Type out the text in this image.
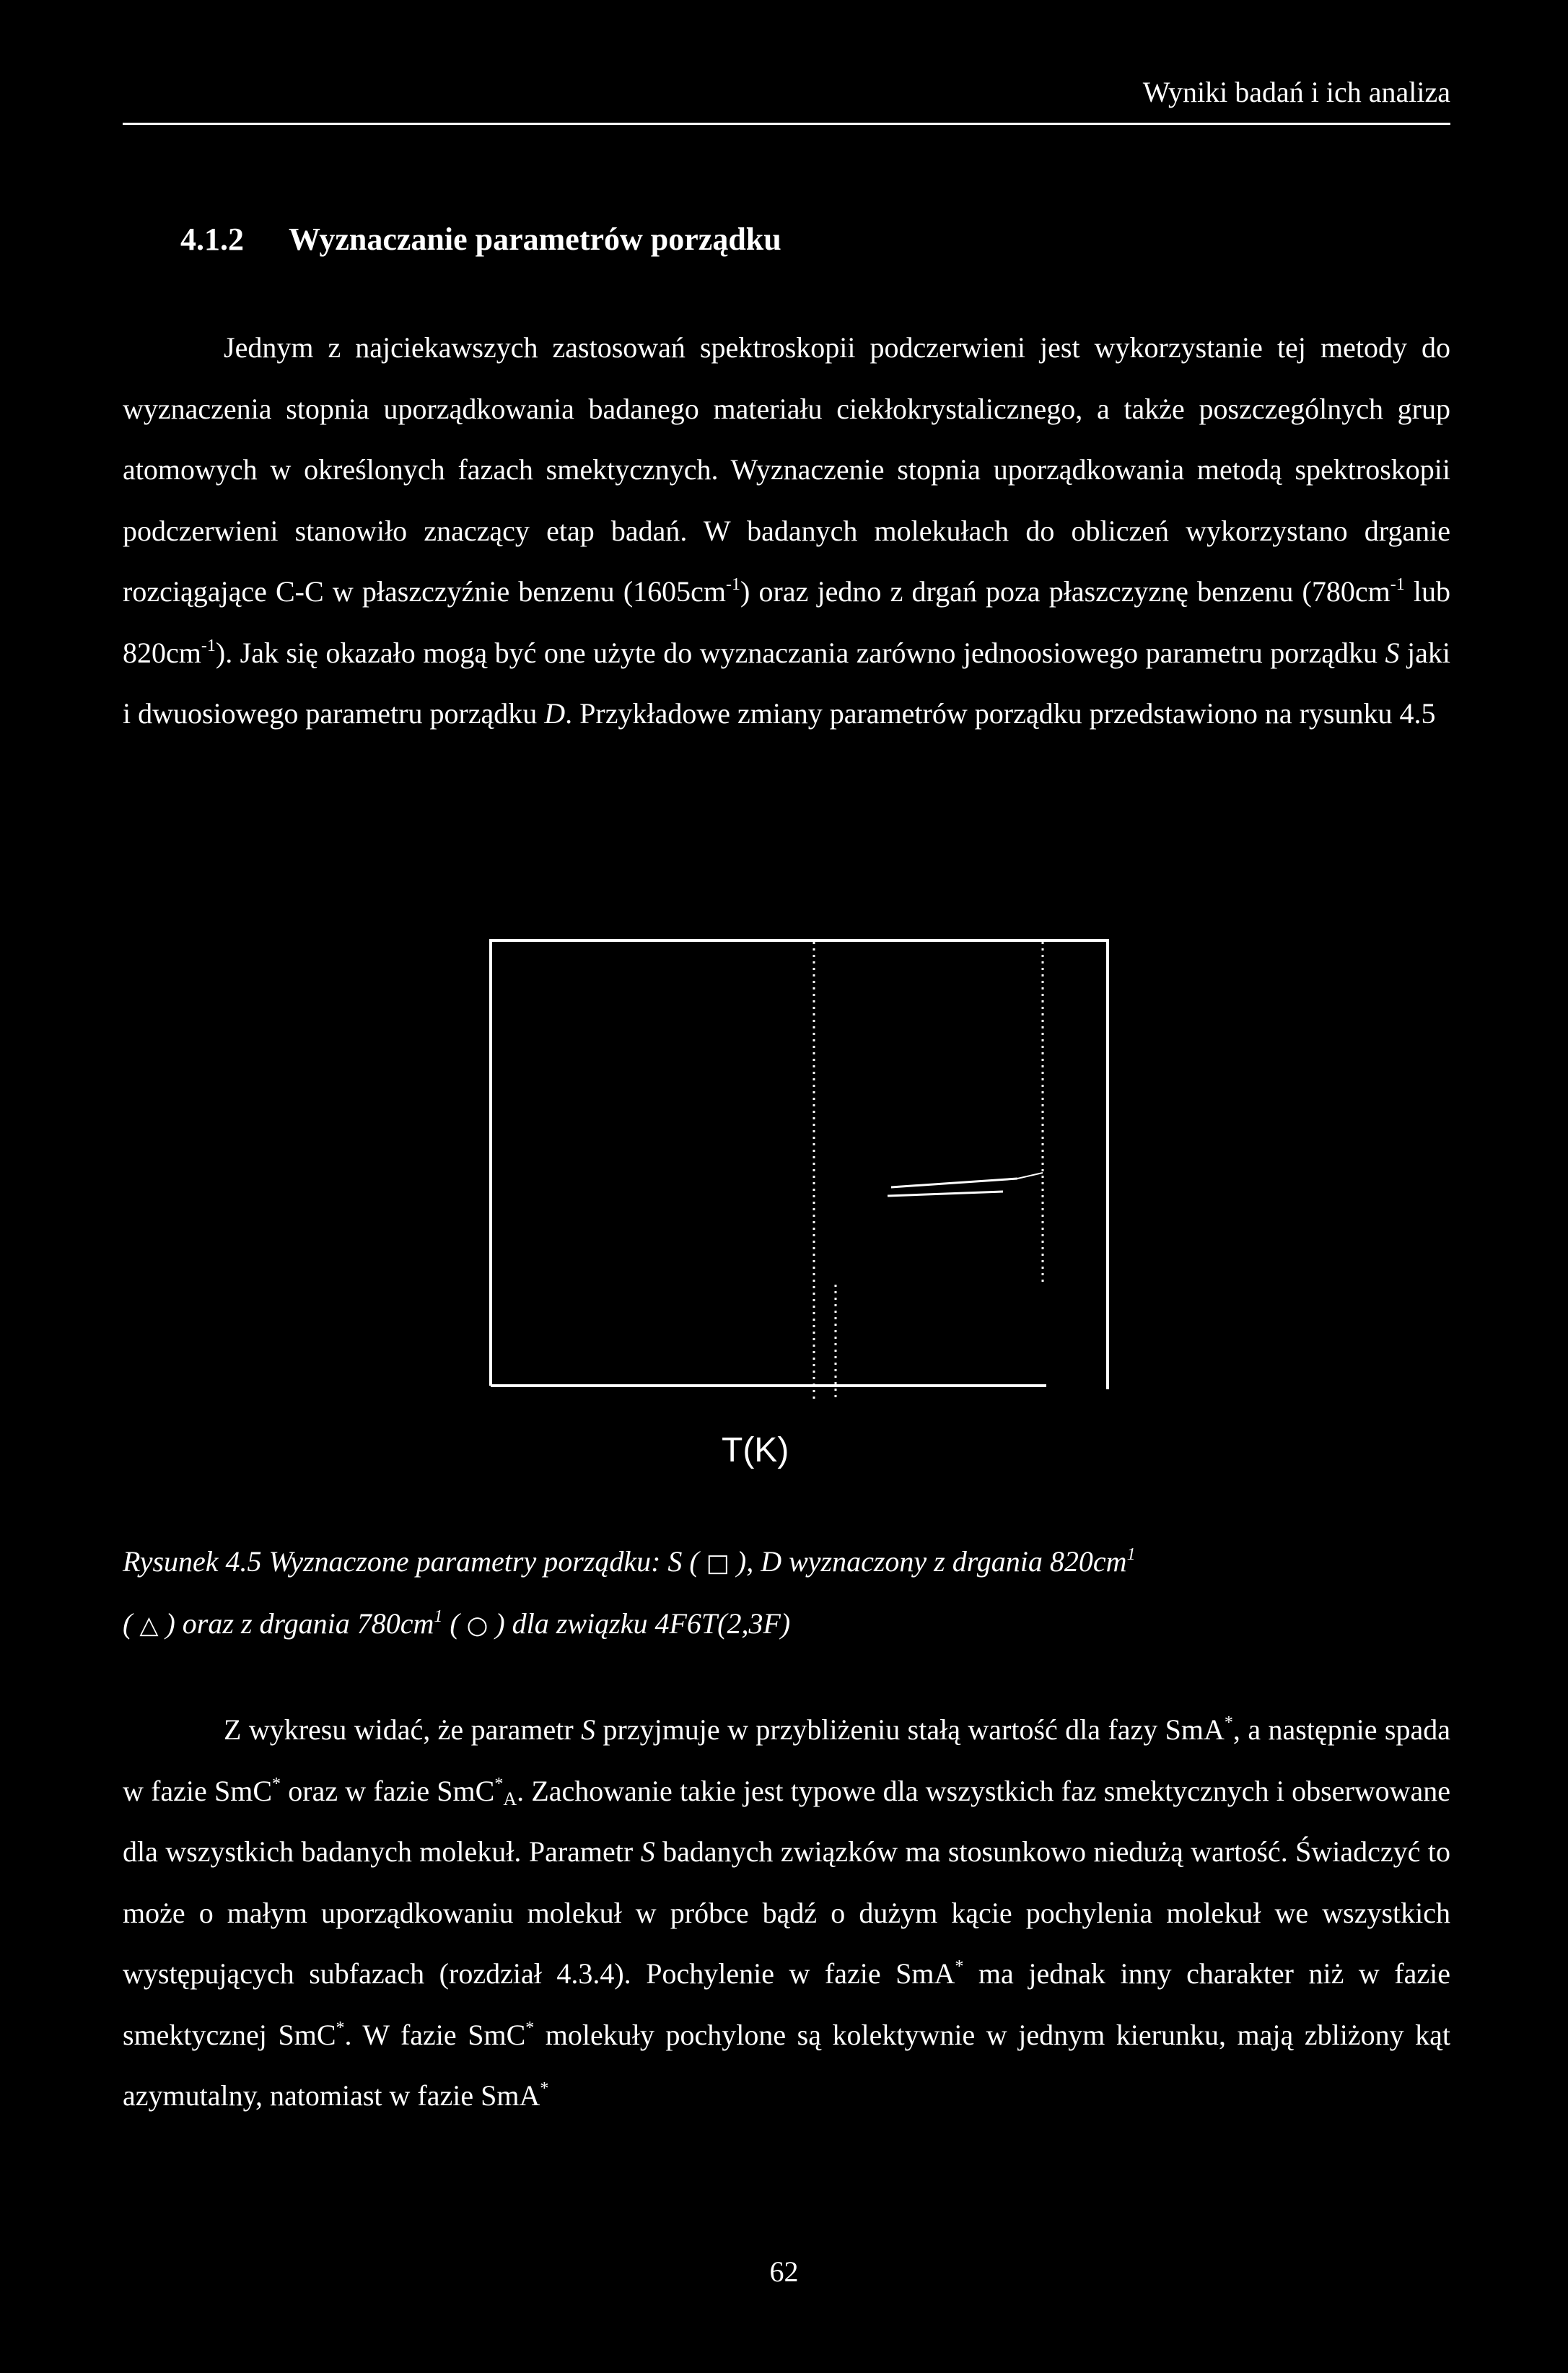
Wyniki badań i ich analiza
4.1.2 Wyznaczanie parametrów porządku

Jednym z najciekawszych zastosowań spektroskopii podczerwieni jest wykorzystanie tej metody do wyznaczenia stopnia uporządkowania badanego materiału ciekłokrystalicznego, a także poszczególnych grup atomowych w określonych fazach smektycznych. Wyznaczenie stopnia uporządkowania metodą spektroskopii podczerwieni stanowiło znaczący etap badań. W badanych molekułach do obliczeń wykorzystano drganie rozciągające C-C w płaszczyźnie benzenu $(1605cm^{-1})$ oraz jedno z drgań poza płaszczyznę benzenu ($780cm^{-1}$ lub $820cm^{-1}$). Jak się okazało mogą być one użyte do wyznaczania zarówno jednoosiowego parametru porządku S jaki i dwuosiowego parametru porządku D. Przykładowe zmiany parametrów porządku przedstawiono na rysunku 4.5

T(K)
Rysunek 4.5 Wyznaczone parametry porządku: S ( □ ), D wyznaczony z drgania $820cm^1$
( △ ) oraz z drgania $780cm^1$ ( ○ ) dla związku 4F6T(2,3F)

Z wykresu widać, że parametr S przyjmuje w przybliżeniu stałą wartość dla fazy SmA*, a następnie spada w fazie SmC* oraz w fazie SmC*$_A$. Zachowanie takie jest typowe dla wszystkich faz smektycznych i obserwowane dla wszystkich badanych molekuł. Parametr S badanych związków ma stosunkowo niedużą wartość. Świadczyć to może o małym uporządkowaniu molekuł w próbce bądź o dużym kącie pochylenia molekuł we wszystkich występujących subfazach (rozdział 4.3.4). Pochylenie w fazie SmA* ma jednak inny charakter niż w fazie smektycznej SmC*. W fazie SmC* molekuły pochylone są kolektywnie w jednym kierunku, mają zbliżony kąt azymutalny, natomiast w fazie SmA*

62
